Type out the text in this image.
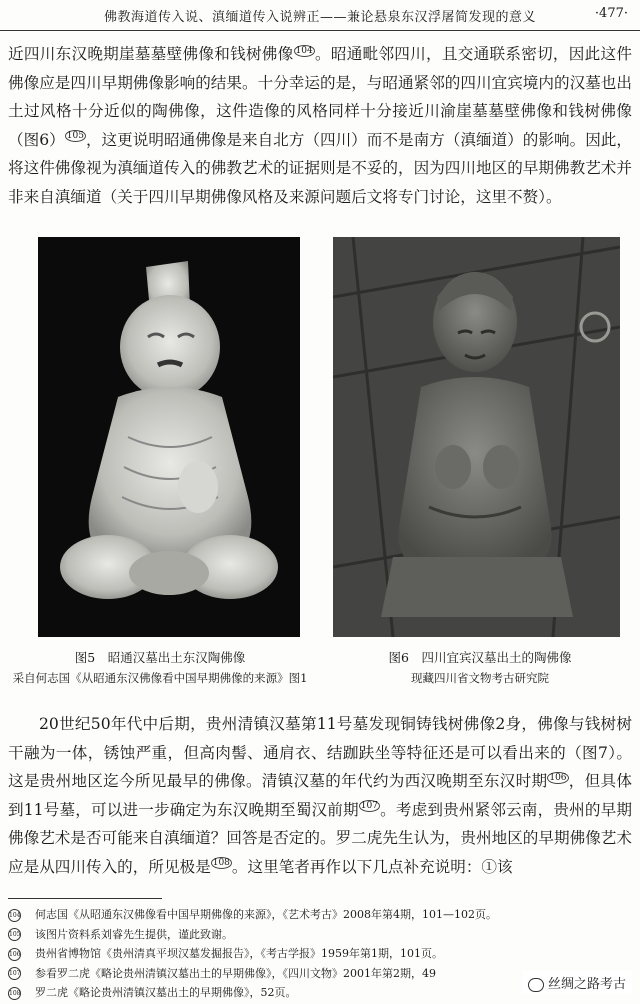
佛教海道传入说、滇缅道传入说辨正——兼论悬泉东汉浮屠简发现的意义	·477·

近四川东汉晚期崖墓墓壁佛像和钱树佛像 $^{104}$ 。昭通毗邻四川，且交通联系密切，因此这件佛像应是四川早期佛像影响的结果。十分幸运的是，与昭通紧邻的四川宜宾境内的汉墓也出土过风格十分近似的陶佛像，这件造像的风格同样十分接近川渝崖墓墓壁佛像和钱树佛像（图6） $^{105}$ ，这更说明昭通佛像是来自北方（四川）而不是南方（滇缅道）的影响。因此，将这件佛像视为滇缅道传入的佛教艺术的证据则是不妥的，因为四川地区的早期佛教艺术并非来自滇缅道（关于四川早期佛像风格及来源问题后文将专门讨论，这里不赘）。

图5　昭通汉墓出土东汉陶佛像
采自何志国《从昭通东汉佛像看中国早期佛像的来源》图1
图6　四川宜宾汉墓出土的陶佛像
现藏四川省文物考古研究院

20世纪50年代中后期，贵州清镇汉墓第11号墓发现铜铸钱树佛像2身，佛像与钱树树干融为一体，锈蚀严重，但高肉髻、通肩衣、结跏趺坐等特征还是可以看出来的（图7）。这是贵州地区迄今所见最早的佛像。清镇汉墓的年代约为西汉晚期至东汉时期 $^{106}$ ，但具体到11号墓，可以进一步确定为东汉晚期至蜀汉前期 $^{107}$ 。考虑到贵州紧邻云南，贵州的早期佛像艺术是否可能来自滇缅道？回答是否定的。罗二虎先生认为，贵州地区的早期佛像艺术应是从四川传入的，所见极是 $^{108}$ 。这里笔者再作以下几点补充说明：①该

104 何志国《从昭通东汉佛像看中国早期佛像的来源》，《艺术考古》2008年第4期，101—102页。
105 该图片资料系刘睿先生提供，谨此致谢。
106 贵州省博物馆《贵州清真平坝汉墓发掘报告》，《考古学报》1959年第1期，101页。
107 参看罗二虎《略论贵州清镇汉墓出土的早期佛像》，《四川文物》2001年第2期，49
108 罗二虎《略论贵州清镇汉墓出土的早期佛像》，52页。
丝绸之路考古
